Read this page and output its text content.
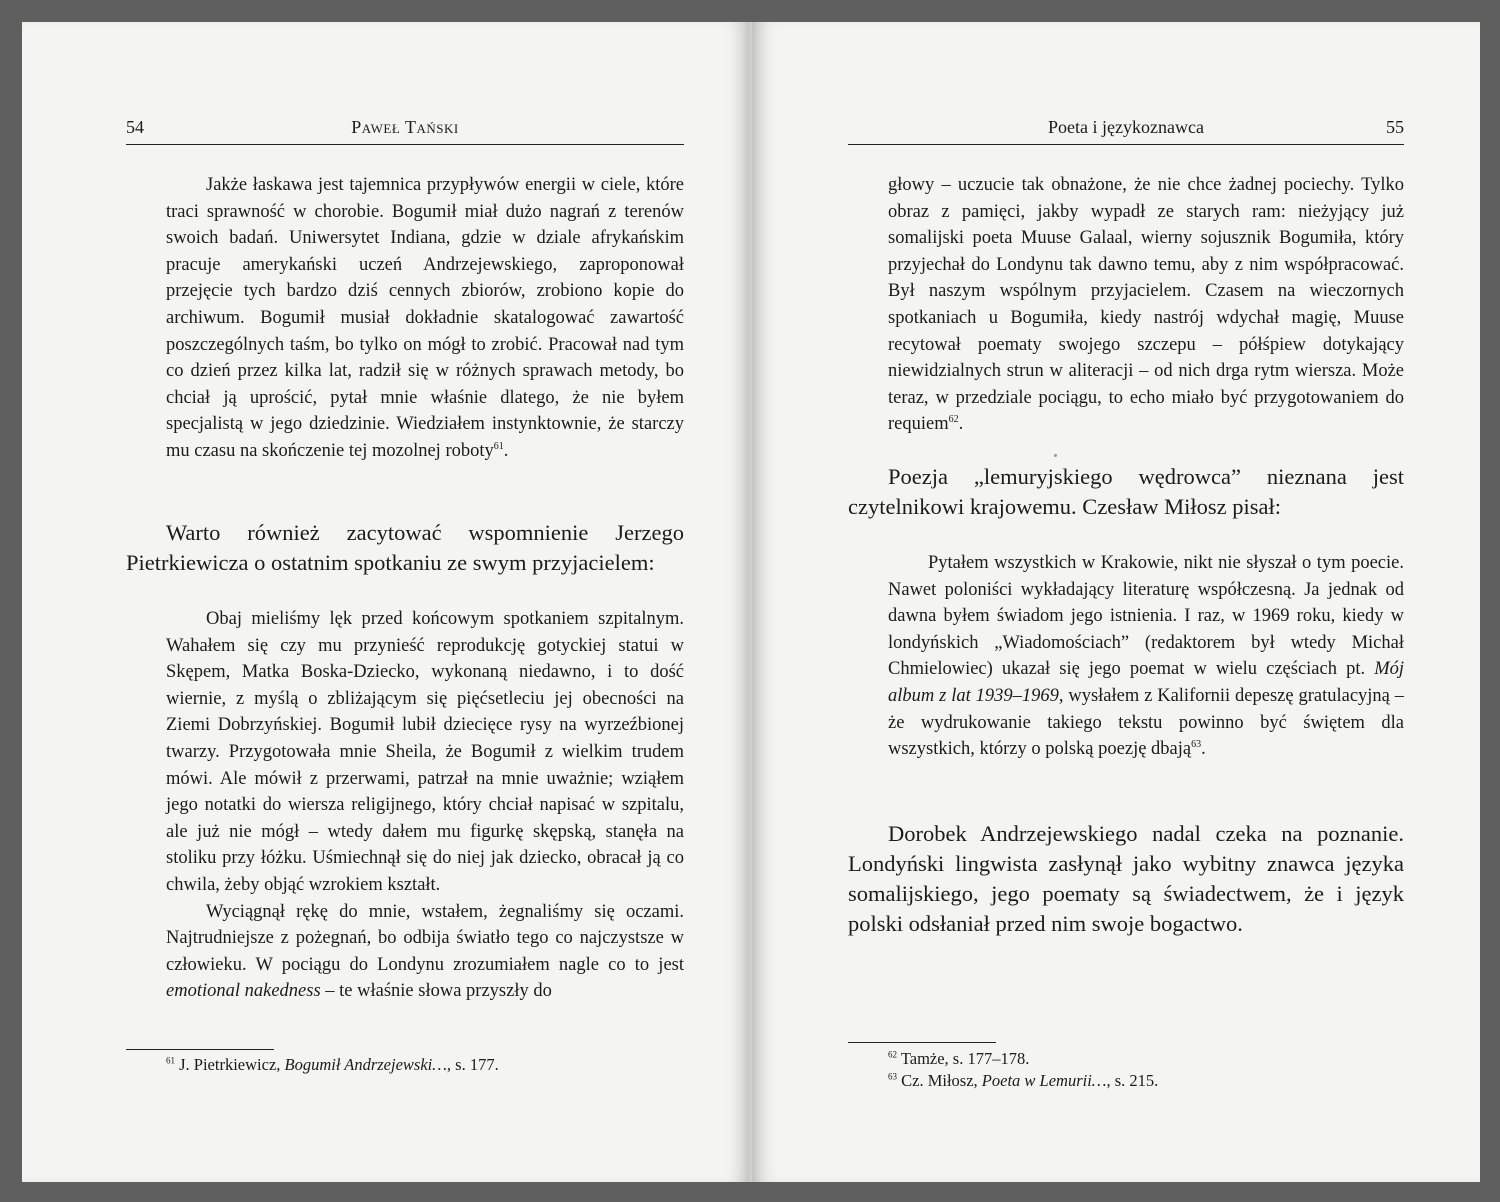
54	Paweł Tański

Jakże łaskawa jest tajemnica przypływów energii w ciele, które traci sprawność w chorobie. Bogumił miał dużo nagrań z terenów swoich badań. Uniwersytet Indiana, gdzie w dziale afrykańskim pracuje amerykański uczeń Andrzejewskiego, zaproponował przejęcie tych bardzo dziś cennych zbiorów, zrobiono kopie do archiwum. Bogumił musiał dokładnie skatalogować zawartość poszczególnych taśm, bo tylko on mógł to zrobić. Pracował nad tym co dzień przez kilka lat, radził się w różnych sprawach metody, bo chciał ją uprościć, pytał mnie właśnie dlatego, że nie byłem specjalistą w jego dziedzinie. Wiedziałem instynktownie, że starczy mu czasu na skończenie tej mozolnej roboty$^{61}$.

Warto również zacytować wspomnienie Jerzego Pietrkiewicza o ostatnim spotkaniu ze swym przyjacielem:

Obaj mieliśmy lęk przed końcowym spotkaniem szpitalnym. Wahałem się czy mu przynieść reprodukcję gotyckiej statui w Skępem, Matka Boska-Dziecko, wykonaną niedawno, i to dość wiernie, z myślą o zbliżającym się pięćsetleciu jej obecności na Ziemi Dobrzyńskiej. Bogumił lubił dziecięce rysy na wyrzeźbionej twarzy. Przygotowała mnie Sheila, że Bogumił z wielkim trudem mówi. Ale mówił z przerwami, patrzał na mnie uważnie; wziąłem jego notatki do wiersza religijnego, który chciał napisać w szpitalu, ale już nie mógł – wtedy dałem mu figurkę skępską, stanęła na stoliku przy łóżku. Uśmiechnął się do niej jak dziecko, obracał ją co chwila, żeby objąć wzrokiem kształt.

Wyciągnął rękę do mnie, wstałem, żegnaliśmy się oczami. Najtrudniejsze z pożegnań, bo odbija światło tego co najczystsze w człowieku. W pociągu do Londynu zrozumiałem nagle co to jest emotional nakedness – te właśnie słowa przyszły do

$^{61}$ J. Pietrkiewicz, Bogumił Andrzejewski…, s. 177.
Poeta i językoznawca	55

głowy – uczucie tak obnażone, że nie chce żadnej pociechy. Tylko obraz z pamięci, jakby wypadł ze starych ram: nieżyjący już somalijski poeta Muuse Galaal, wierny sojusznik Bogumiła, który przyjechał do Londynu tak dawno temu, aby z nim współpracować. Był naszym wspólnym przyjacielem. Czasem na wieczornych spotkaniach u Bogumiła, kiedy nastrój wdychał magię, Muuse recytował poematy swojego szczepu – półśpiew dotykający niewidzialnych strun w aliteracji – od nich drga rytm wiersza. Może teraz, w przedziale pociągu, to echo miało być przygotowaniem do requiem$^{62}$.

Poezja „lemuryjskiego wędrowca” nieznana jest czytelnikowi krajowemu. Czesław Miłosz pisał:

Pytałem wszystkich w Krakowie, nikt nie słyszał o tym poecie. Nawet poloniści wykładający literaturę współczesną. Ja jednak od dawna byłem świadom jego istnienia. I raz, w 1969 roku, kiedy w londyńskich „Wiadomościach” (redaktorem był wtedy Michał Chmielowiec) ukazał się jego poemat w wielu częściach pt. Mój album z lat 1939–1969, wysłałem z Kalifornii depeszę gratulacyjną – że wydrukowanie takiego tekstu powinno być świętem dla wszystkich, którzy o polską poezję dbają$^{63}$.

Dorobek Andrzejewskiego nadal czeka na poznanie. Londyński lingwista zasłynął jako wybitny znawca języka somalijskiego, jego poematy są świadectwem, że i język polski odsłaniał przed nim swoje bogactwo.

$^{62}$ Tamże, s. 177–178.
$^{63}$ Cz. Miłosz, Poeta w Lemurii…, s. 215.
